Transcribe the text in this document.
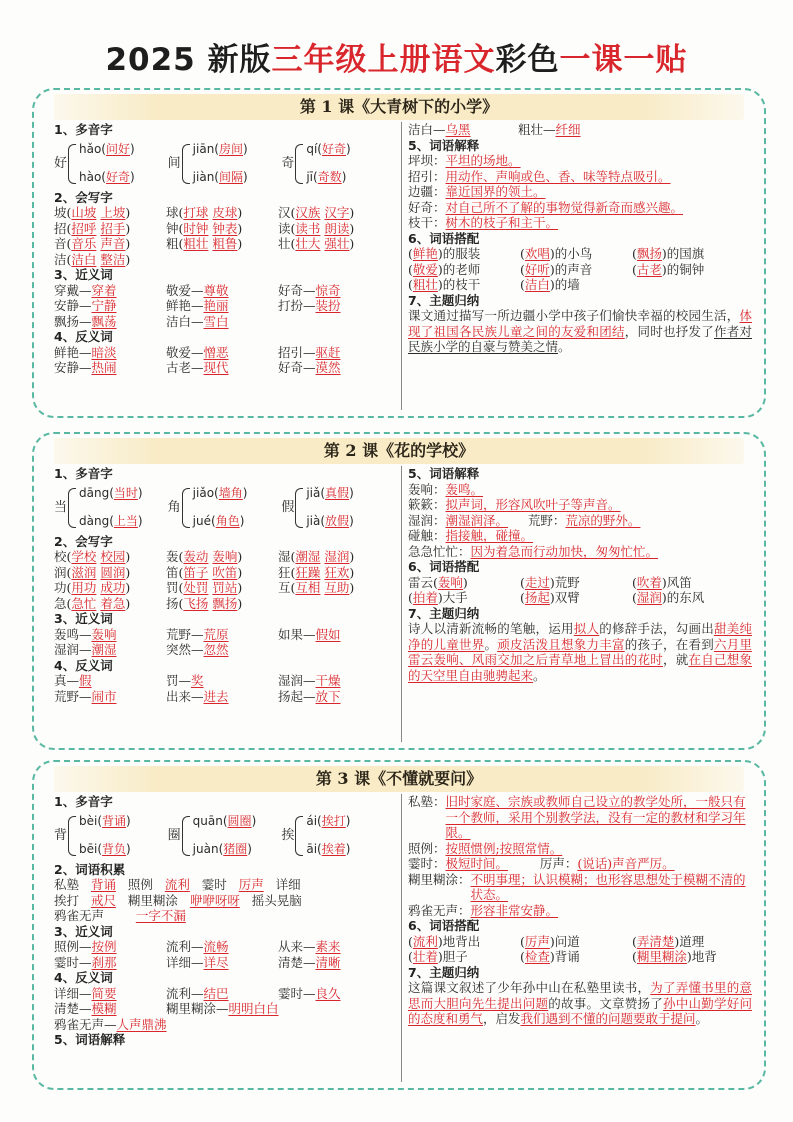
2025 新版三年级上册语文彩色一课一贴
第 1 课《大青树下的小学》
1、多音字
好
hǎo(问好)
hào(好奇)
间
jiān(房间)
jiàn(间隔)
奇
qí(好奇)
jī(奇数)
2、会写字
坡(山坡 上坡)	球(打球 皮球)	汉(汉族 汉字)
招(招呼 招手)	钟(时钟 钟表)	读(读书 朗读)
音(音乐 声音)	粗(粗壮 粗鲁)	壮(壮大 强壮)
洁(洁白 整洁)
3、近义词
穿戴—穿着	敬爱—尊敬	好奇—惊奇
安静—宁静	鲜艳—艳丽	打扮—装扮
飘扬—飘荡	洁白—雪白
4、反义词
鲜艳—暗淡	敬爱—憎恶	招引—驱赶
安静—热闹	古老—现代	好奇—漠然
洁白—乌黑	粗壮—纤细
5、词语解释
坪坝：平坦的场地。
招引：用动作、声响或色、香、味等特点吸引。
边疆：靠近国界的领土。
好奇：对自己所不了解的事物觉得新奇而感兴趣。
枝干：树木的枝子和主干。
6、词语搭配
(鲜艳)的服装	(欢唱)的小鸟	(飘扬)的国旗
(敬爱)的老师	(好听)的声音	(古老)的铜钟
(粗壮)的枝干	(洁白)的墙
7、主题归纳
课文通过描写一所边疆小学中孩子们愉快幸福的校园生活，体现了祖国各民族儿童之间的友爱和团结，同时也抒发了作者对民族小学的自豪与赞美之情。
第 2 课《花的学校》
1、多音字
当
dāng(当时)
dàng(上当)
角
jiǎo(墙角)
jué(角色)
假
jiǎ(真假)
jià(放假)
2、会写字
校(学校 校园)	轰(轰动 轰响)	湿(潮湿 湿润)
润(滋润 圆润)	笛(笛子 吹笛)	狂(狂躁 狂欢)
功(用功 成功)	罚(处罚 罚站)	互(互相 互助)
急(急忙 着急)	扬(飞扬 飘扬)
3、近义词
轰鸣—轰响	荒野—荒原	如果—假如
湿润—潮湿	突然—忽然
4、反义词
真—假	罚—奖	湿润—干燥
荒野—闹市	出来—进去	扬起—放下
5、词语解释
轰响：轰鸣。
簌簌：拟声词，形容风吹叶子等声音。
湿润：潮湿润泽。 荒野：荒凉的野外。
碰触：指接触，碰撞。
急急忙忙：因为着急而行动加快，匆匆忙忙。
6、词语搭配
雷云(轰响)	(走过)荒野	(吹着)风笛
(拍着)大手	(扬起)双臂	(湿润)的东风
7、主题归纳
诗人以清新流畅的笔触，运用拟人的修辞手法，勾画出甜美纯净的儿童世界。顽皮活泼且想象力丰富的孩子，在看到六月里雷云轰响、风雨交加之后青草地上冒出的花时，就在自己想象的天空里自由驰骋起来。
第 3 课《不懂就要问》
1、多音字
背
bèi(背诵)
bēi(背负)
圈
quān(圆圈)
juàn(猪圈)
挨
ái(挨打)
āi(挨着)
2、词语积累
私塾 背诵 照例 流利 霎时 厉声 详细
挨打 戒尺 糊里糊涂 咿咿呀呀 摇头晃脑
鸦雀无声	一字不漏
3、近义词
照例—按例	流利—流畅	从来—素来
霎时—刹那	详细—详尽	清楚—清晰
4、反义词
详细—简要	流利—结巴	霎时—良久
清楚—模糊	糊里糊涂—明明白白
鸦雀无声—人声鼎沸
5、词语解释
私塾： 旧时家庭、宗族或教师自己设立的教学处所，一般只有一个教师，采用个别教学法，没有一定的教材和学习年限。
照例：按照惯例;按照常情。
霎时：极短时间。	厉声：(说话)声音严厉。
糊里糊涂： 不明事理；认识模糊；也形容思想处于模糊不清的状态。
鸦雀无声：形容非常安静。
6、词语搭配
(流利)地背出	(厉声)问道	(弄清楚)道理
(壮着)胆子	(检查)背诵	(糊里糊涂)地背
7、主题归纳
这篇课文叙述了少年孙中山在私塾里读书，为了弄懂书里的意思而大胆向先生提出问题的故事。文章赞扬了孙中山勤学好问的态度和勇气，启发我们遇到不懂的问题要敢于提问。
